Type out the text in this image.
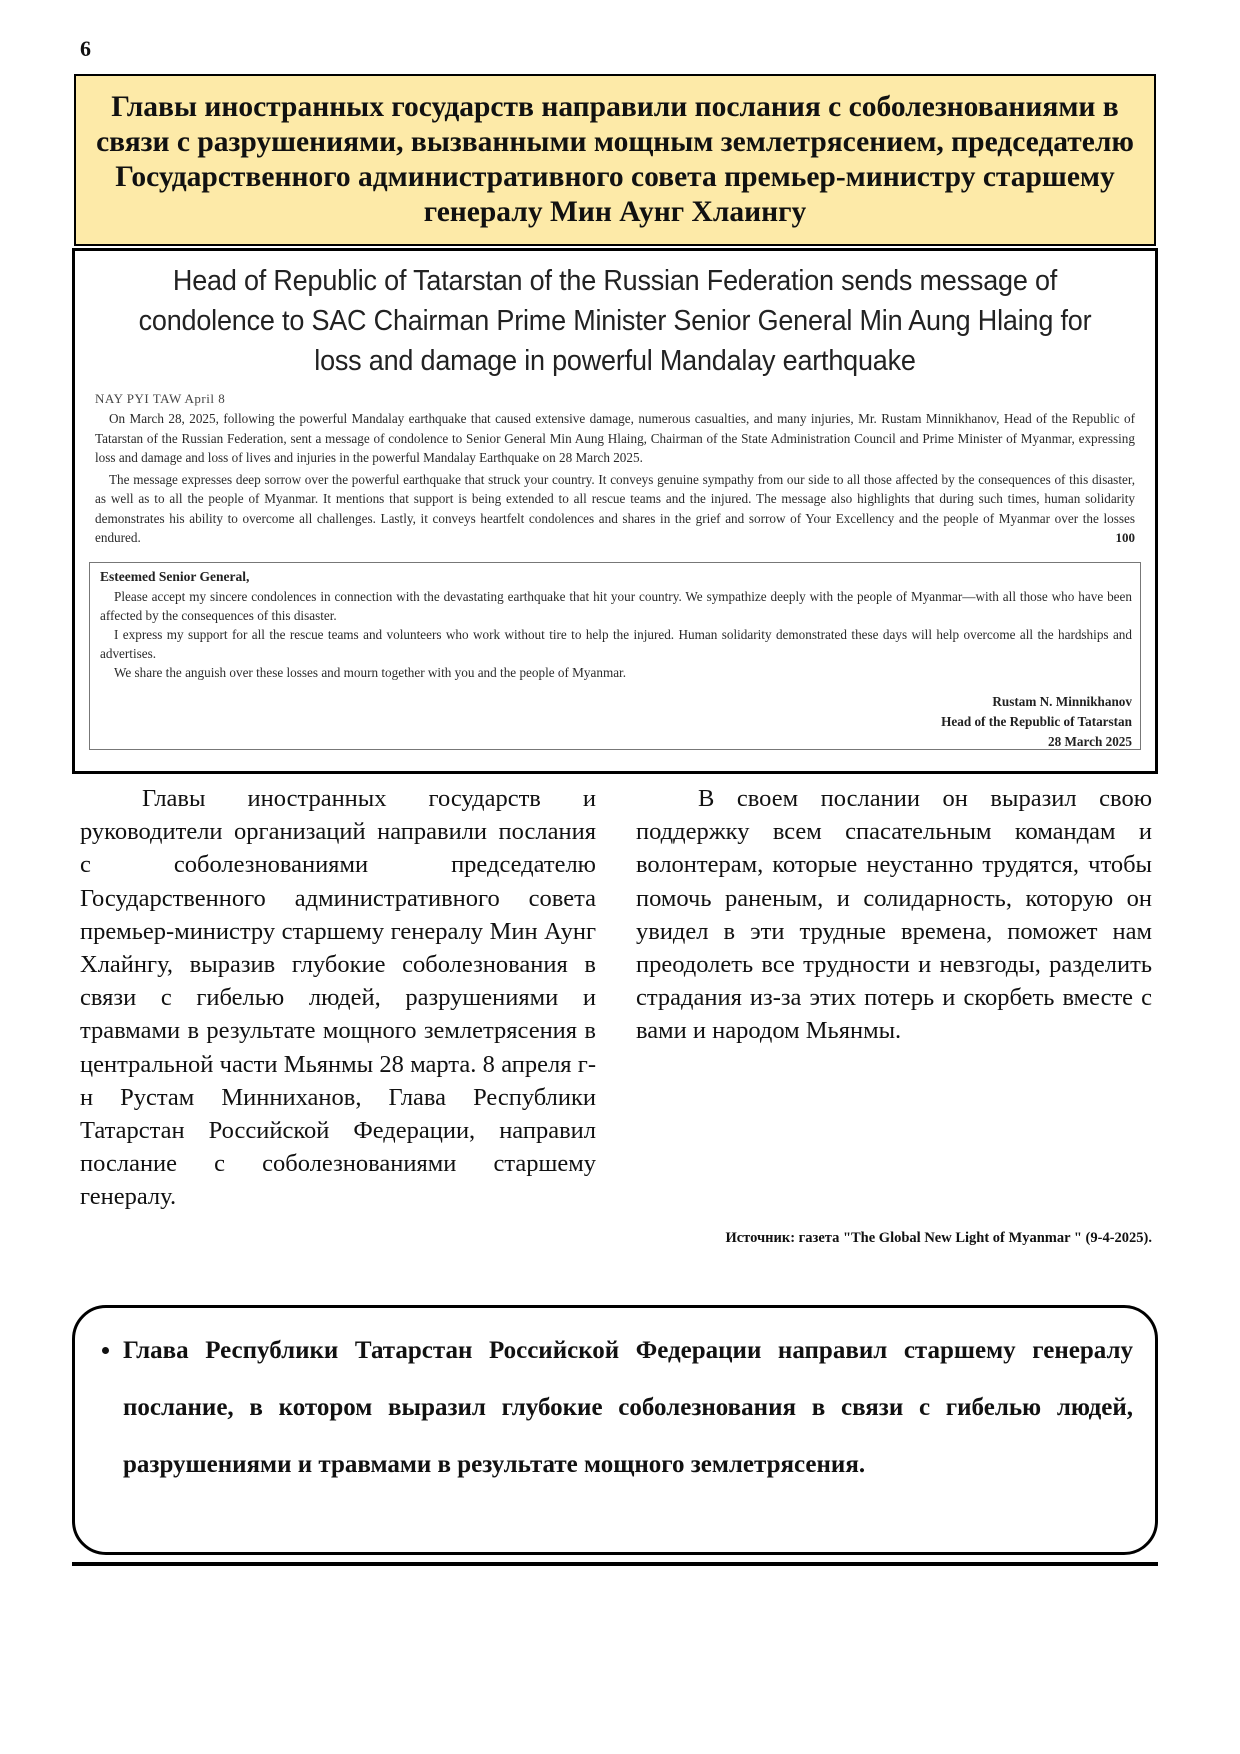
6
Главы иностранных государств направили послания с соболезнованиями в связи с разрушениями, вызванными мощным землетрясением, председателю Государственного административного совета премьер-министру старшему генералу Мин Аунг Хлаингу
Head of Republic of Tatarstan of the Russian Federation sends message of condolence to SAC Chairman Prime Minister Senior General Min Aung Hlaing for loss and damage in powerful Mandalay earthquake
NAY PYI TAW April 8

On March 28, 2025, following the powerful Mandalay earthquake that caused extensive damage, numerous casualties, and many injuries, Mr. Rustam Minnikhanov, Head of the Republic of Tatarstan of the Russian Federation, sent a message of condolence to Senior General Min Aung Hlaing, Chairman of the State Administration Council and Prime Minister of Myanmar, expressing loss and damage and loss of lives and injuries in the powerful Mandalay Earthquake on 28 March 2025.

The message expresses deep sorrow over the powerful earthquake that struck your country. It conveys genuine sympathy from our side to all those affected by the consequences of this disaster, as well as to all the people of Myanmar. It mentions that support is being extended to all rescue teams and the injured. The message also highlights that during such times, human solidarity demonstrates his ability to overcome all challenges. Lastly, it conveys heartfelt condolences and shares in the grief and sorrow of Your Excellency and the people of Myanmar over the losses endured.	100
Esteemed Senior General,

Please accept my sincere condolences in connection with the devastating earthquake that hit your country. We sympathize deeply with the people of Myanmar—with all those who have been affected by the consequences of this disaster.

I express my support for all the rescue teams and volunteers who work without tire to help the injured. Human solidarity demonstrated these days will help overcome all the hardships and advertises.

We share the anguish over these losses and mourn together with you and the people of Myanmar.

Rustam N. Minnikhanov
Head of the Republic of Tatarstan
28 March 2025

Главы иностранных государств и руководители организаций направили послания с соболезнованиями председателю Государственного административного совета премьер-министру старшему генералу Мин Аунг Хлайнгу, выразив глубокие соболезнования в связи с гибелью людей, разрушениями и травмами в результате мощного землетрясения в центральной части Мьянмы 28 марта. 8 апреля г-н Рустам Минниханов, Глава Республики Татарстан Российской Федерации, направил послание с соболезнованиями старшему генералу.

В своем послании он выразил свою поддержку всем спасательным командам и волонтерам, которые неустанно трудятся, чтобы помочь раненым, и солидарность, которую он увидел в эти трудные времена, поможет нам преодолеть все трудности и невзгоды, разделить страдания из-за этих потерь и скорбеть вместе с вами и народом Мьянмы.

Источник: газета "The Global New Light of Myanmar " (9-4-2025).
• Глава Республики Татарстан Российской Федерации направил старшему генералу послание, в котором выразил глубокие соболезнования в связи с гибелью людей, разрушениями и травмами в результате мощного землетрясения.
